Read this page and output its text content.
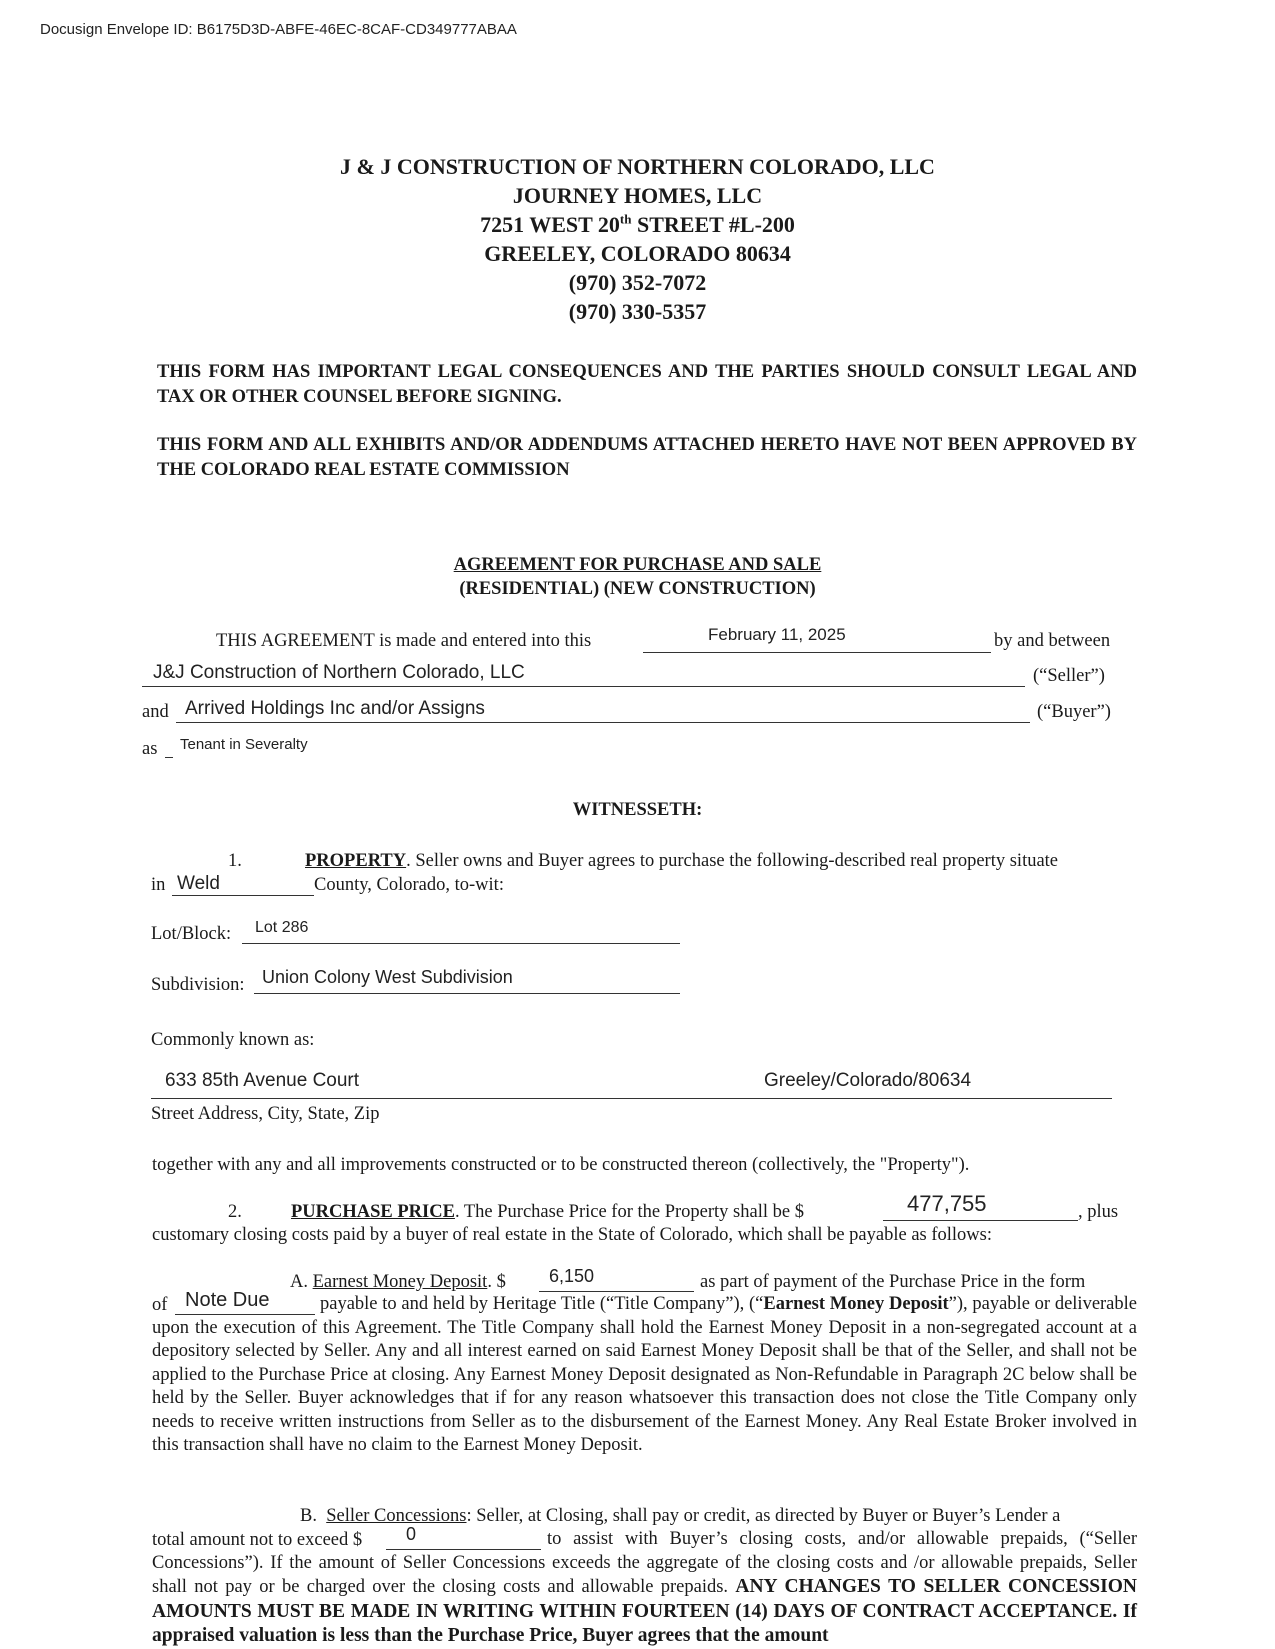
Docusign Envelope ID: B6175D3D-ABFE-46EC-8CAF-CD349777ABAA
J & J CONSTRUCTION OF NORTHERN COLORADO, LLC
JOURNEY HOMES, LLC
7251 WEST 20th STREET #L-200
GREELEY, COLORADO 80634
(970) 352-7072
(970) 330-5357
THIS FORM HAS IMPORTANT LEGAL CONSEQUENCES AND THE PARTIES SHOULD CONSULT LEGAL AND TAX OR OTHER COUNSEL BEFORE SIGNING.
THIS FORM AND ALL EXHIBITS AND/OR ADDENDUMS ATTACHED HERETO HAVE NOT BEEN APPROVED BY THE COLORADO REAL ESTATE COMMISSION
AGREEMENT FOR PURCHASE AND SALE
(RESIDENTIAL) (NEW CONSTRUCTION)
THIS AGREEMENT is made and entered into this	February 11, 2025	by and between
J&J Construction of Northern Colorado, LLC	(“Seller”)
and Arrived Holdings Inc and/or Assigns	(“Buyer”)
as Tenant in Severalty
WITNESSETH:
1.	PROPERTY. Seller owns and Buyer agrees to purchase the following-described real property situate
in Weld	County, Colorado, to-wit:
Lot/Block: Lot 286
Subdivision: Union Colony West Subdivision
Commonly known as:
633 85th Avenue Court	Greeley/Colorado/80634
Street Address, City, State, Zip
together with any and all improvements constructed or to be constructed thereon (collectively, the "Property").
2.	PURCHASE PRICE. The Purchase Price for the Property shall be $	477,755	, plus
customary closing costs paid by a buyer of real estate in the State of Colorado, which shall be payable as follows:
A. Earnest Money Deposit. $ 6,150	as part of payment of the Purchase Price in the form
of Note Due	payable to and held by Heritage Title (“Title Company”), (“Earnest Money Deposit”), payable or deliverable upon the execution of this Agreement. The Title Company shall hold the Earnest Money Deposit in a non-segregated account at a depository selected by Seller. Any and all interest earned on said Earnest Money Deposit shall be that of the Seller, and shall not be applied to the Purchase Price at closing. Any Earnest Money Deposit designated as Non-Refundable in Paragraph 2C below shall be held by the Seller. Buyer acknowledges that if for any reason whatsoever this transaction does not close the Title Company only needs to receive written instructions from Seller as to the disbursement of the Earnest Money. Any Real Estate Broker involved in this transaction shall have no claim to the Earnest Money Deposit.
B. Seller Concessions: Seller, at Closing, shall pay or credit, as directed by Buyer or Buyer’s Lender a
total amount not to exceed $ 0	to assist with Buyer’s closing costs, and/or allowable prepaids, (“Seller Concessions”). If the amount of Seller Concessions exceeds the aggregate of the closing costs and /or allowable prepaids, Seller shall not pay or be charged over the closing costs and allowable prepaids. ANY CHANGES TO SELLER CONCESSION AMOUNTS MUST BE MADE IN WRITING WITHIN FOURTEEN (14) DAYS OF CONTRACT ACCEPTANCE. If appraised valuation is less than the Purchase Price, Buyer agrees that the amount
